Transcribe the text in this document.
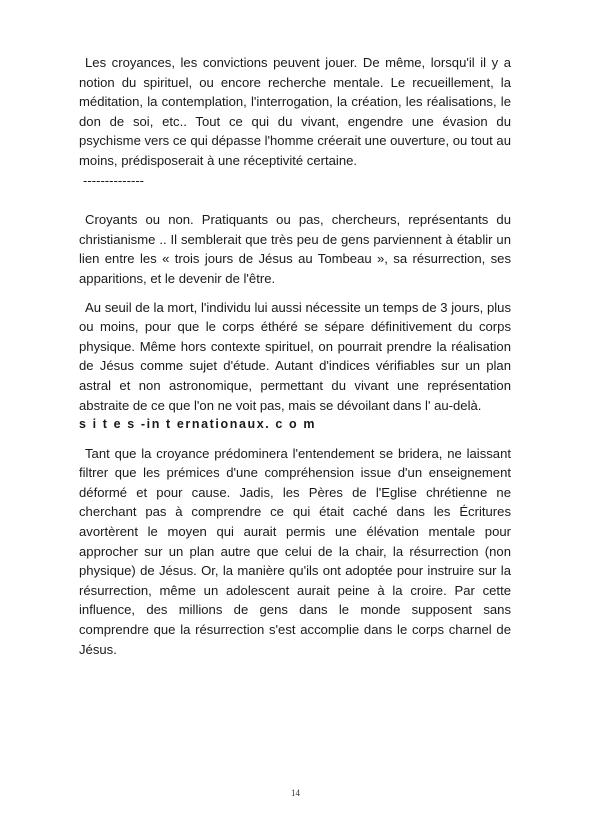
Les croyances, les convictions peuvent jouer. De même, lorsqu'il il y a notion du spirituel, ou encore recherche mentale. Le recueillement, la méditation, la contemplation, l'interrogation, la création, les réalisations, le don de soi, etc.. Tout ce qui du vivant, engendre une évasion du psychisme vers ce qui dépasse l'homme créerait une ouverture, ou tout au moins, prédisposerait à une réceptivité certaine.

--------------

Croyants ou non. Pratiquants ou pas, chercheurs, représentants du christianisme .. Il semblerait que très peu de gens parviennent à établir un lien entre les « trois jours de Jésus au Tombeau », sa résurrection, ses apparitions, et le devenir de l'être.

Au seuil de la mort, l'individu lui aussi nécessite un temps de 3 jours, plus ou moins, pour que le corps éthéré se sépare définitivement du corps physique. Même hors contexte spirituel, on pourrait prendre la réalisation de Jésus comme sujet d'étude. Autant d'indices vérifiables sur un plan astral et non astronomique, permettant du vivant une représentation abstraite de ce que l'on ne voit pas, mais se dévoilant dans l' au-delà.

s i t e s -in t ernationaux. c o m

Tant que la croyance prédominera l'entendement se bridera, ne laissant filtrer que les prémices d'une compréhension issue d'un enseignement déformé et pour cause. Jadis, les Pères de l'Eglise chrétienne ne cherchant pas à comprendre ce qui était caché dans les Écritures avortèrent le moyen qui aurait permis une élévation mentale pour approcher sur un plan autre que celui de la chair, la résurrection (non physique) de Jésus. Or, la manière qu'ils ont adoptée pour instruire sur la résurrection, même un adolescent aurait peine à la croire. Par cette influence, des millions de gens dans le monde supposent sans comprendre que la résurrection s'est accomplie dans le corps charnel de Jésus.

14
